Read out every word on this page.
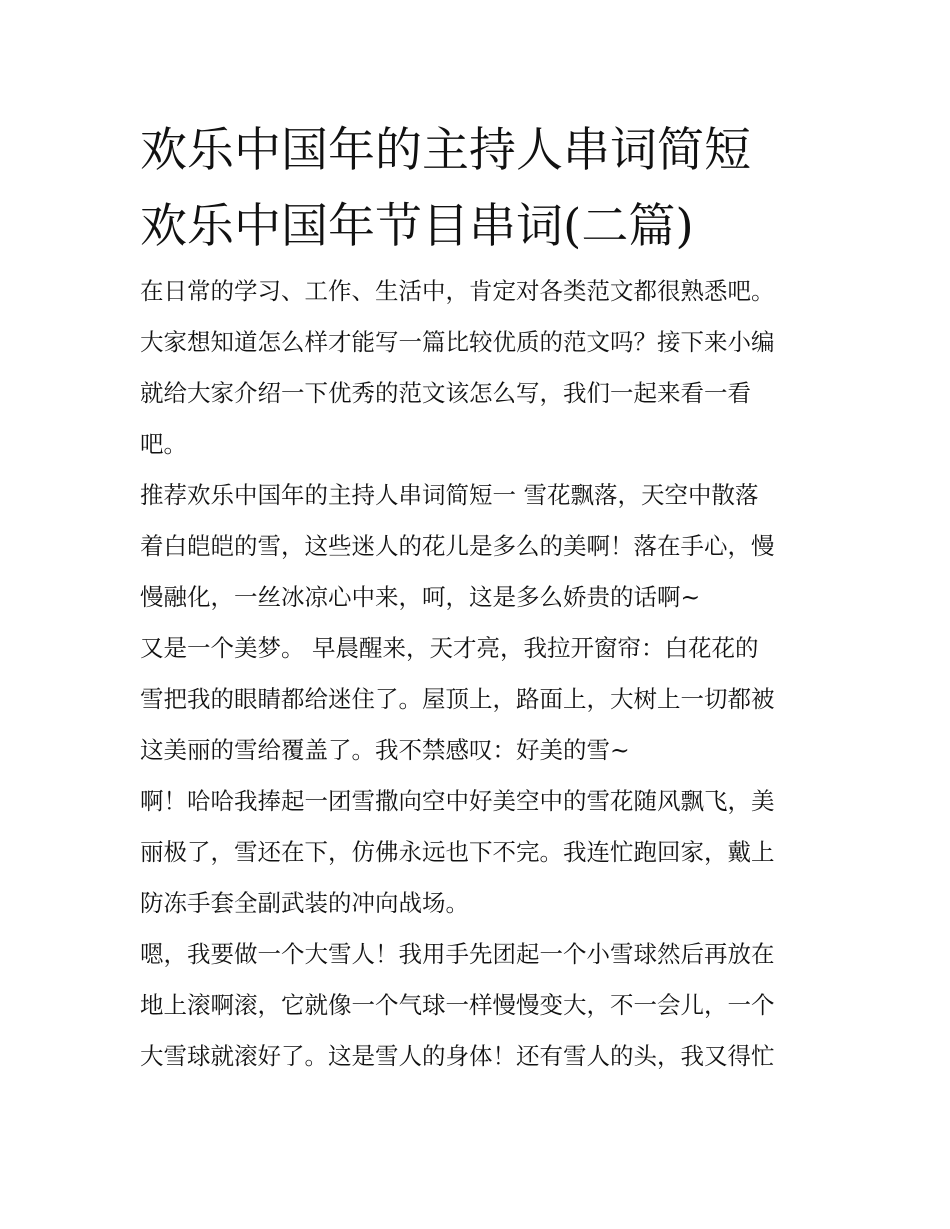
欢乐中国年的主持人串词简短
欢乐中国年节目串词(二篇)

在日常的学习、工作、生活中，肯定对各类范文都很熟悉吧。
大家想知道怎么样才能写一篇比较优质的范文吗？接下来小编
就给大家介绍一下优秀的范文该怎么写，我们一起来看一看
吧。

推荐欢乐中国年的主持人串词简短一 雪花飘落，天空中散落
着白皑皑的雪，这些迷人的花儿是多么的美啊！落在手心，慢
慢融化，一丝冰凉心中来，呵，这是多么娇贵的话啊~

又是一个美梦。 早晨醒来，天才亮，我拉开窗帘：白花花的
雪把我的眼睛都给迷住了。屋顶上，路面上，大树上一切都被
这美丽的雪给覆盖了。我不禁感叹：好美的雪~

啊！哈哈我捧起一团雪撒向空中好美空中的雪花随风飘飞，美
丽极了，雪还在下，仿佛永远也下不完。我连忙跑回家，戴上
防冻手套全副武装的冲向战场。

嗯，我要做一个大雪人！我用手先团起一个小雪球然后再放在
地上滚啊滚，它就像一个气球一样慢慢变大，不一会儿，一个
大雪球就滚好了。这是雪人的身体！还有雪人的头，我又得忙
